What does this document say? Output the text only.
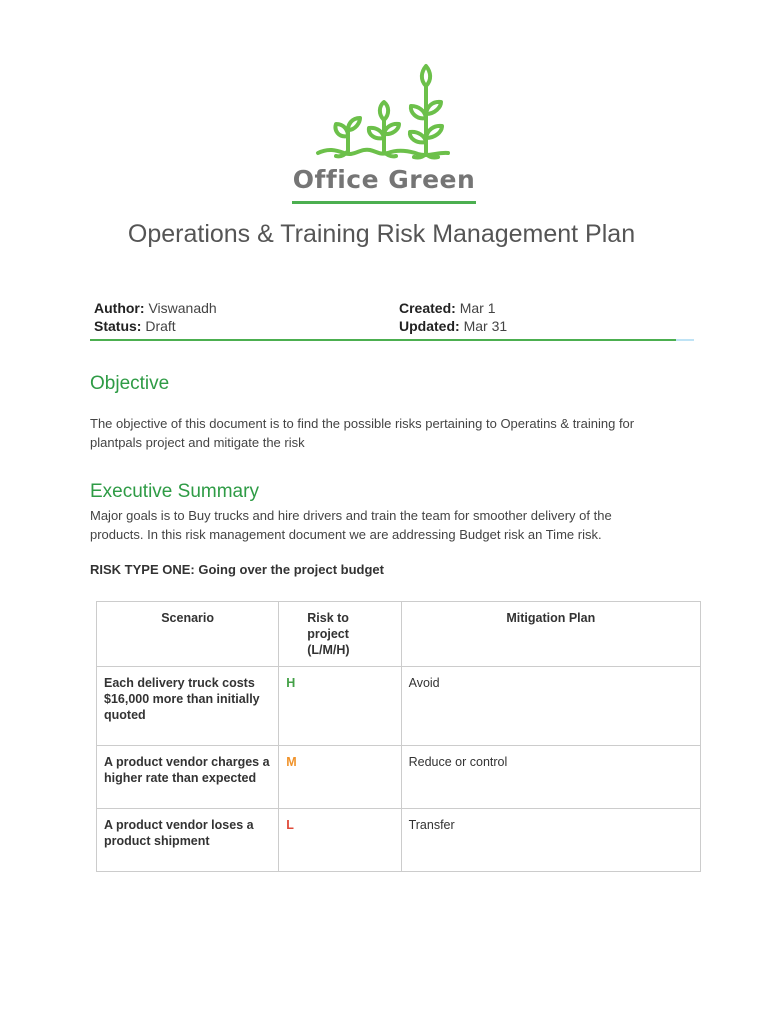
Office Green
Operations & Training Risk Management Plan
Author: Viswanadh	Created: Mar 1
Status: Draft	Updated: Mar 31
Objective

The objective of this document is to find the possible risks pertaining to Operatins & training for plantpals project and mitigate the risk

Executive Summary

Major goals is to Buy trucks and hire drivers and train the team for smoother delivery of the products. In this risk management document we are addressing Budget risk an Time risk.

RISK TYPE ONE: Going over the project budget

Scenario	Risk to project (L/M/H)	Mitigation Plan
Each delivery truck costs $16,000 more than initially quoted	H	Avoid
A product vendor charges a higher rate than expected	M	Reduce or control
A product vendor loses a product shipment	L	Transfer
